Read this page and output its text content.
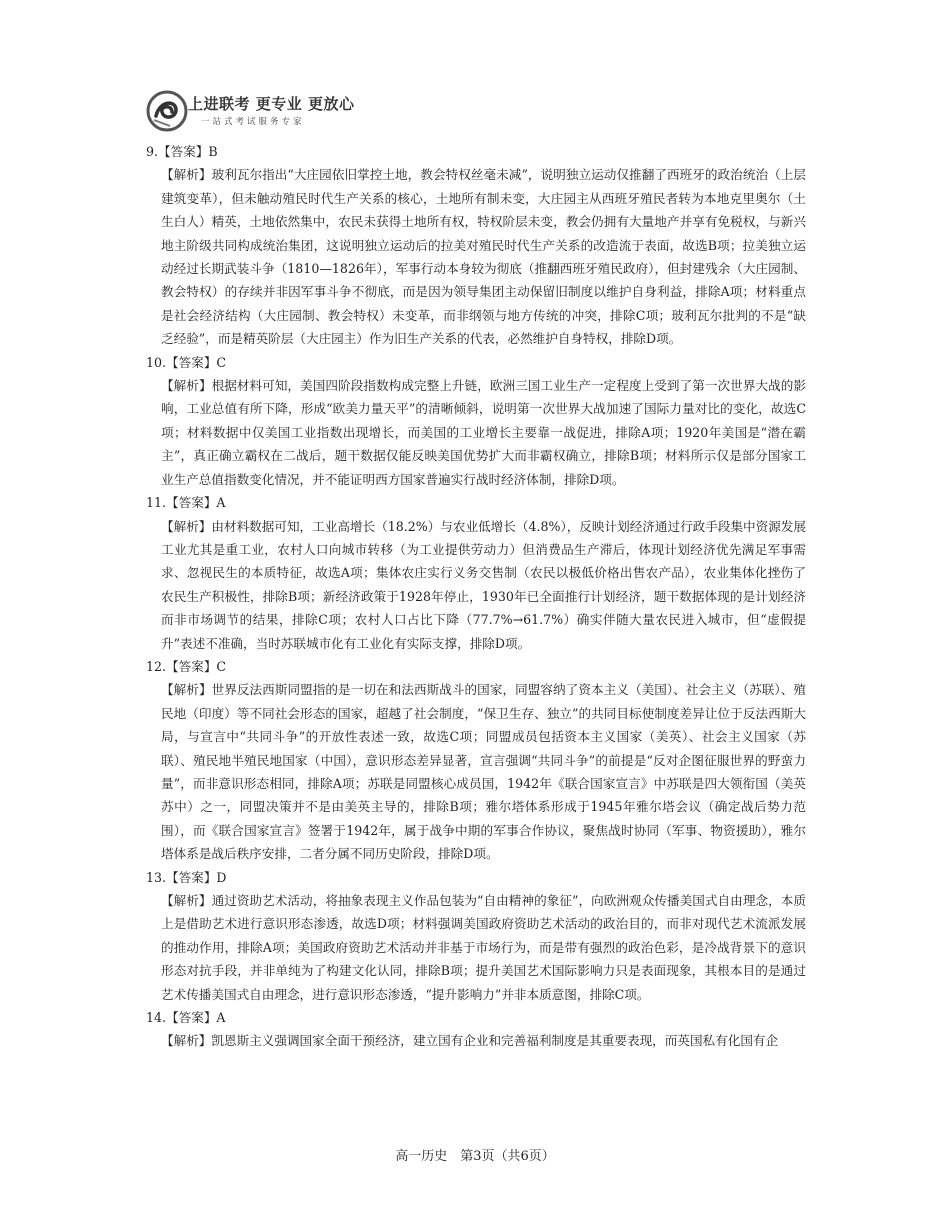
上进联考 更专业 更放心
一站式考试服务专家

9.【答案】B

【解析】玻利瓦尔指出“大庄园依旧掌控土地，教会特权丝毫未减”，说明独立运动仅推翻了西班牙的政治统治（上层建筑变革），但未触动殖民时代生产关系的核心，土地所有制未变，大庄园主从西班牙殖民者转为本地克里奥尔（土生白人）精英，土地依然集中，农民未获得土地所有权，特权阶层未变，教会仍拥有大量地产并享有免税权，与新兴地主阶级共同构成统治集团，这说明独立运动后的拉美对殖民时代生产关系的改造流于表面，故选B项；拉美独立运动经过长期武装斗争（1810—1826年），军事行动本身较为彻底（推翻西班牙殖民政府），但封建残余（大庄园制、教会特权）的存续并非因军事斗争不彻底，而是因为领导集团主动保留旧制度以维护自身利益，排除A项；材料重点是社会经济结构（大庄园制、教会特权）未变革，而非纲领与地方传统的冲突，排除C项；玻利瓦尔批判的不是“缺乏经验”，而是精英阶层（大庄园主）作为旧生产关系的代表，必然维护自身特权，排除D项。

10.【答案】C

【解析】根据材料可知，美国四阶段指数构成完整上升链，欧洲三国工业生产一定程度上受到了第一次世界大战的影响，工业总值有所下降，形成“欧美力量天平”的清晰倾斜，说明第一次世界大战加速了国际力量对比的变化，故选C项；材料数据中仅美国工业指数出现增长，而美国的工业增长主要靠一战促进，排除A项；1920年美国是“潜在霸主”，真正确立霸权在二战后，题干数据仅能反映美国优势扩大而非霸权确立，排除B项；材料所示仅是部分国家工业生产总值指数变化情况，并不能证明西方国家普遍实行战时经济体制，排除D项。

11.【答案】A

【解析】由材料数据可知，工业高增长（18.2%）与农业低增长（4.8%），反映计划经济通过行政手段集中资源发展工业尤其是重工业，农村人口向城市转移（为工业提供劳动力）但消费品生产滞后，体现计划经济优先满足军事需求、忽视民生的本质特征，故选A项；集体农庄实行义务交售制（农民以极低价格出售农产品），农业集体化挫伤了农民生产积极性，排除B项；新经济政策于1928年停止，1930年已全面推行计划经济，题干数据体现的是计划经济而非市场调节的结果，排除C项；农村人口占比下降（77.7%→61.7%）确实伴随大量农民进入城市，但“虚假提升”表述不准确，当时苏联城市化有工业化有实际支撑，排除D项。

12.【答案】C

【解析】世界反法西斯同盟指的是一切在和法西斯战斗的国家，同盟容纳了资本主义（美国）、社会主义（苏联）、殖民地（印度）等不同社会形态的国家，超越了社会制度，“保卫生存、独立”的共同目标使制度差异让位于反法西斯大局，与宣言中“共同斗争”的开放性表述一致，故选C项；同盟成员包括资本主义国家（美英）、社会主义国家（苏联）、殖民地半殖民地国家（中国），意识形态差异显著，宣言强调“共同斗争”的前提是“反对企图征服世界的野蛮力量”，而非意识形态相同，排除A项；苏联是同盟核心成员国，1942年《联合国家宣言》中苏联是四大领衔国（美英苏中）之一，同盟决策并不是由美英主导的，排除B项；雅尔塔体系形成于1945年雅尔塔会议（确定战后势力范围），而《联合国家宣言》签署于1942年，属于战争中期的军事合作协议，聚焦战时协同（军事、物资援助），雅尔塔体系是战后秩序安排，二者分属不同历史阶段，排除D项。

13.【答案】D

【解析】通过资助艺术活动，将抽象表现主义作品包装为“自由精神的象征”，向欧洲观众传播美国式自由理念，本质上是借助艺术进行意识形态渗透，故选D项；材料强调美国政府资助艺术活动的政治目的，而非对现代艺术流派发展的推动作用，排除A项；美国政府资助艺术活动并非基于市场行为，而是带有强烈的政治色彩，是冷战背景下的意识形态对抗手段，并非单纯为了构建文化认同，排除B项；提升美国艺术国际影响力只是表面现象，其根本目的是通过艺术传播美国式自由理念，进行意识形态渗透，“提升影响力”并非本质意图，排除C项。

14.【答案】A

【解析】凯恩斯主义强调国家全面干预经济，建立国有企业和完善福利制度是其重要表现，而英国私有化国有企

高一历史　第3页（共6页）
